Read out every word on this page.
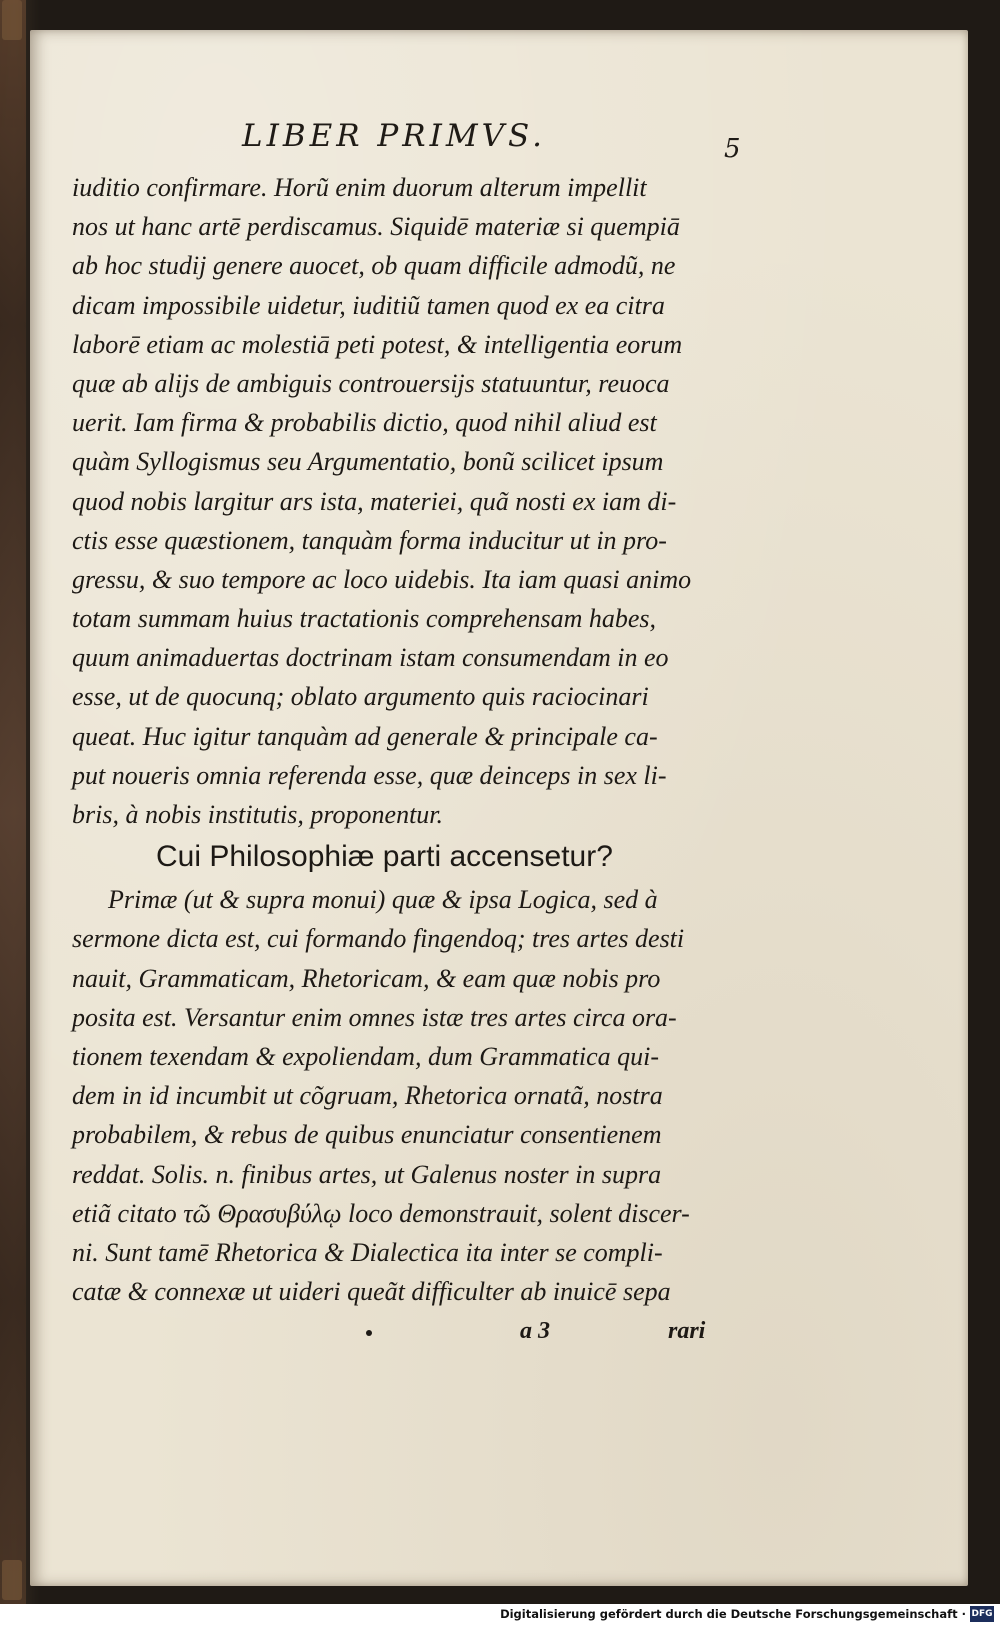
LIBER PRIMVS.	5
iuditio confirmare. Horũ enim duorum alterum impellit
nos ut hanc artē perdiscamus. Siquidē materiæ si quempiā
ab hoc studij genere auocet, ob quam difficile admodũ, ne
dicam impossibile uidetur, iuditiũ tamen quod ex ea citra
laborē etiam ac molestiā peti potest, & intelligentia eorum
quæ ab alijs de ambiguis controuersijs statuuntur, reuoca
uerit. Iam firma & probabilis dictio, quod nihil aliud est
quàm Syllogismus seu Argumentatio, bonũ scilicet ipsum
quod nobis largitur ars ista, materiei, quã nosti ex iam di-
ctis esse quæstionem, tanquàm forma inducitur ut in pro-
gressu, & suo tempore ac loco uidebis. Ita iam quasi animo
totam summam huius tractationis comprehensam habes,
quum animaduertas doctrinam istam consumendam in eo
esse, ut de quocunq; oblato argumento quis raciocinari
queat. Huc igitur tanquàm ad generale & principale ca-
put noueris omnia referenda esse, quæ deinceps in sex li-
bris, à nobis institutis, proponentur.
Cui Philosophiæ parti accensetur?
Primæ (ut & supra monui) quæ & ipsa Logica, sed à
sermone dicta est, cui formando fingendoq; tres artes desti
nauit, Grammaticam, Rhetoricam, & eam quæ nobis pro
posita est. Versantur enim omnes istæ tres artes circa ora-
tionem texendam & expoliendam, dum Grammatica qui-
dem in id incumbit ut cõgruam, Rhetorica ornatã, nostra
probabilem, & rebus de quibus enunciatur consentienem
reddat. Solis. n. finibus artes, ut Galenus noster in supra
etiã citato τῶ Θρασυβύλῳ loco demonstrauit, solent discer-
ni. Sunt tamē Rhetorica & Dialectica ita inter se compli-
catæ & connexæ ut uideri queãt difficulter ab inuicē sepa
a 3	rari
Digitalisierung gefördert durch die Deutsche Forschungsgemeinschaft · DFG
